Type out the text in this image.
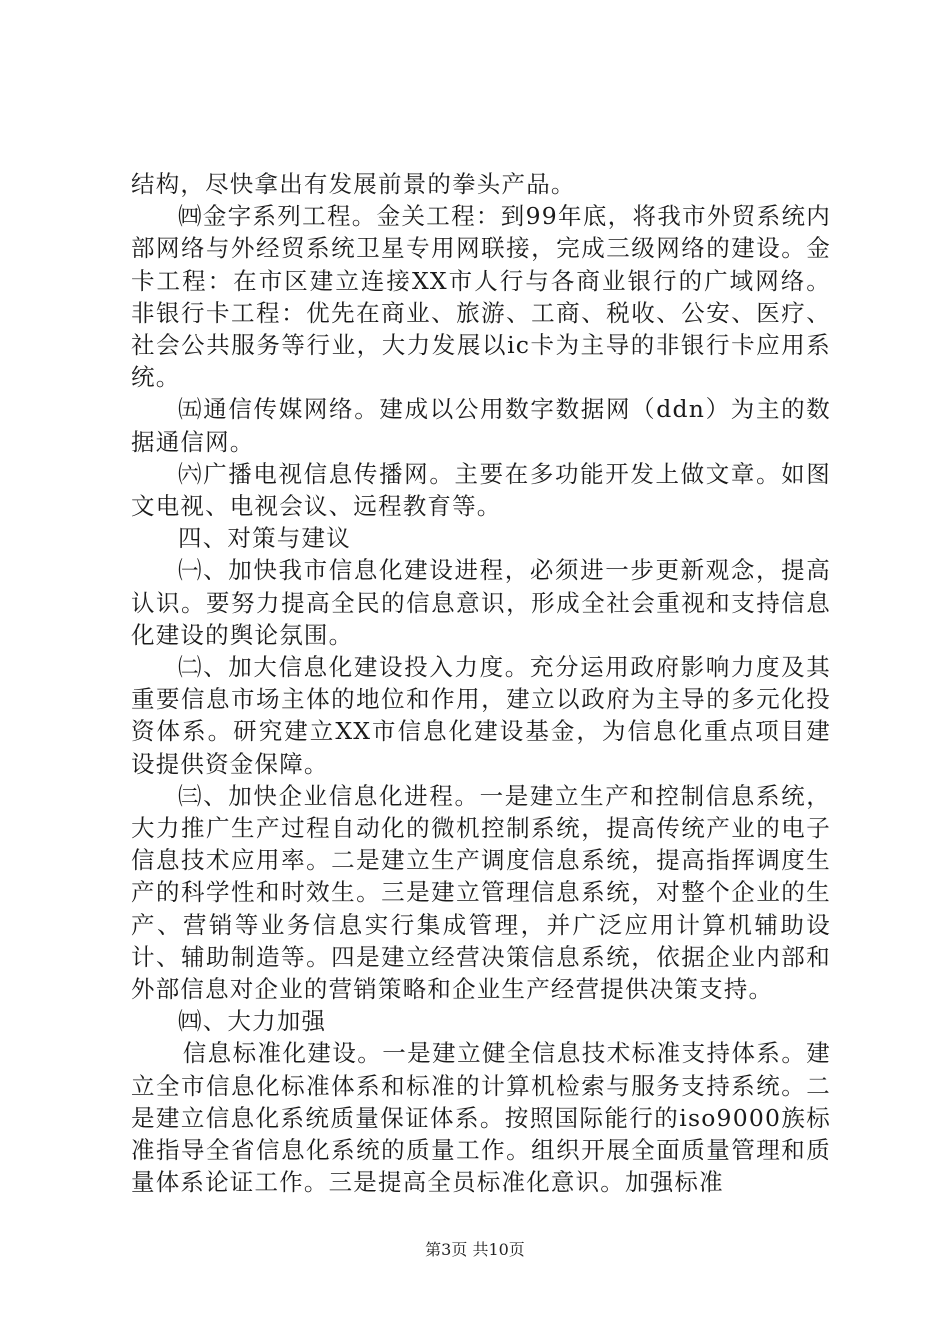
结构，尽快拿出有发展前景的拳头产品。

㈣金字系列工程。金关工程：到99年底，将我市外贸系统内部网络与外经贸系统卫星专用网联接，完成三级网络的建设。金卡工程：在市区建立连接XX市人行与各商业银行的广域网络。非银行卡工程：优先在商业、旅游、工商、税收、公安、医疗、社会公共服务等行业，大力发展以ic卡为主导的非银行卡应用系统。

㈤通信传媒网络。建成以公用数字数据网（ddn）为主的数据通信网。

㈥广播电视信息传播网。主要在多功能开发上做文章。如图文电视、电视会议、远程教育等。

四、对策与建议

㈠、加快我市信息化建设进程，必须进一步更新观念，提高认识。要努力提高全民的信息意识，形成全社会重视和支持信息化建设的舆论氛围。

㈡、加大信息化建设投入力度。充分运用政府影响力度及其重要信息市场主体的地位和作用，建立以政府为主导的多元化投资体系。研究建立XX市信息化建设基金，为信息化重点项目建设提供资金保障。

㈢、加快企业信息化进程。一是建立生产和控制信息系统，大力推广生产过程自动化的微机控制系统，提高传统产业的电子信息技术应用率。二是建立生产调度信息系统，提高指挥调度生产的科学性和时效生。三是建立管理信息系统，对整个企业的生产、营销等业务信息实行集成管理，并广泛应用计算机辅助设计、辅助制造等。四是建立经营决策信息系统，依据企业内部和外部信息对企业的营销策略和企业生产经营提供决策支持。

㈣、大力加强

信息标准化建设。一是建立健全信息技术标准支持体系。建立全市信息化标准体系和标准的计算机检索与服务支持系统。二是建立信息化系统质量保证体系。按照国际能行的iso9000族标准指导全省信息化系统的质量工作。组织开展全面质量管理和质量体系论证工作。三是提高全员标准化意识。加强标准

第3页 共10页
